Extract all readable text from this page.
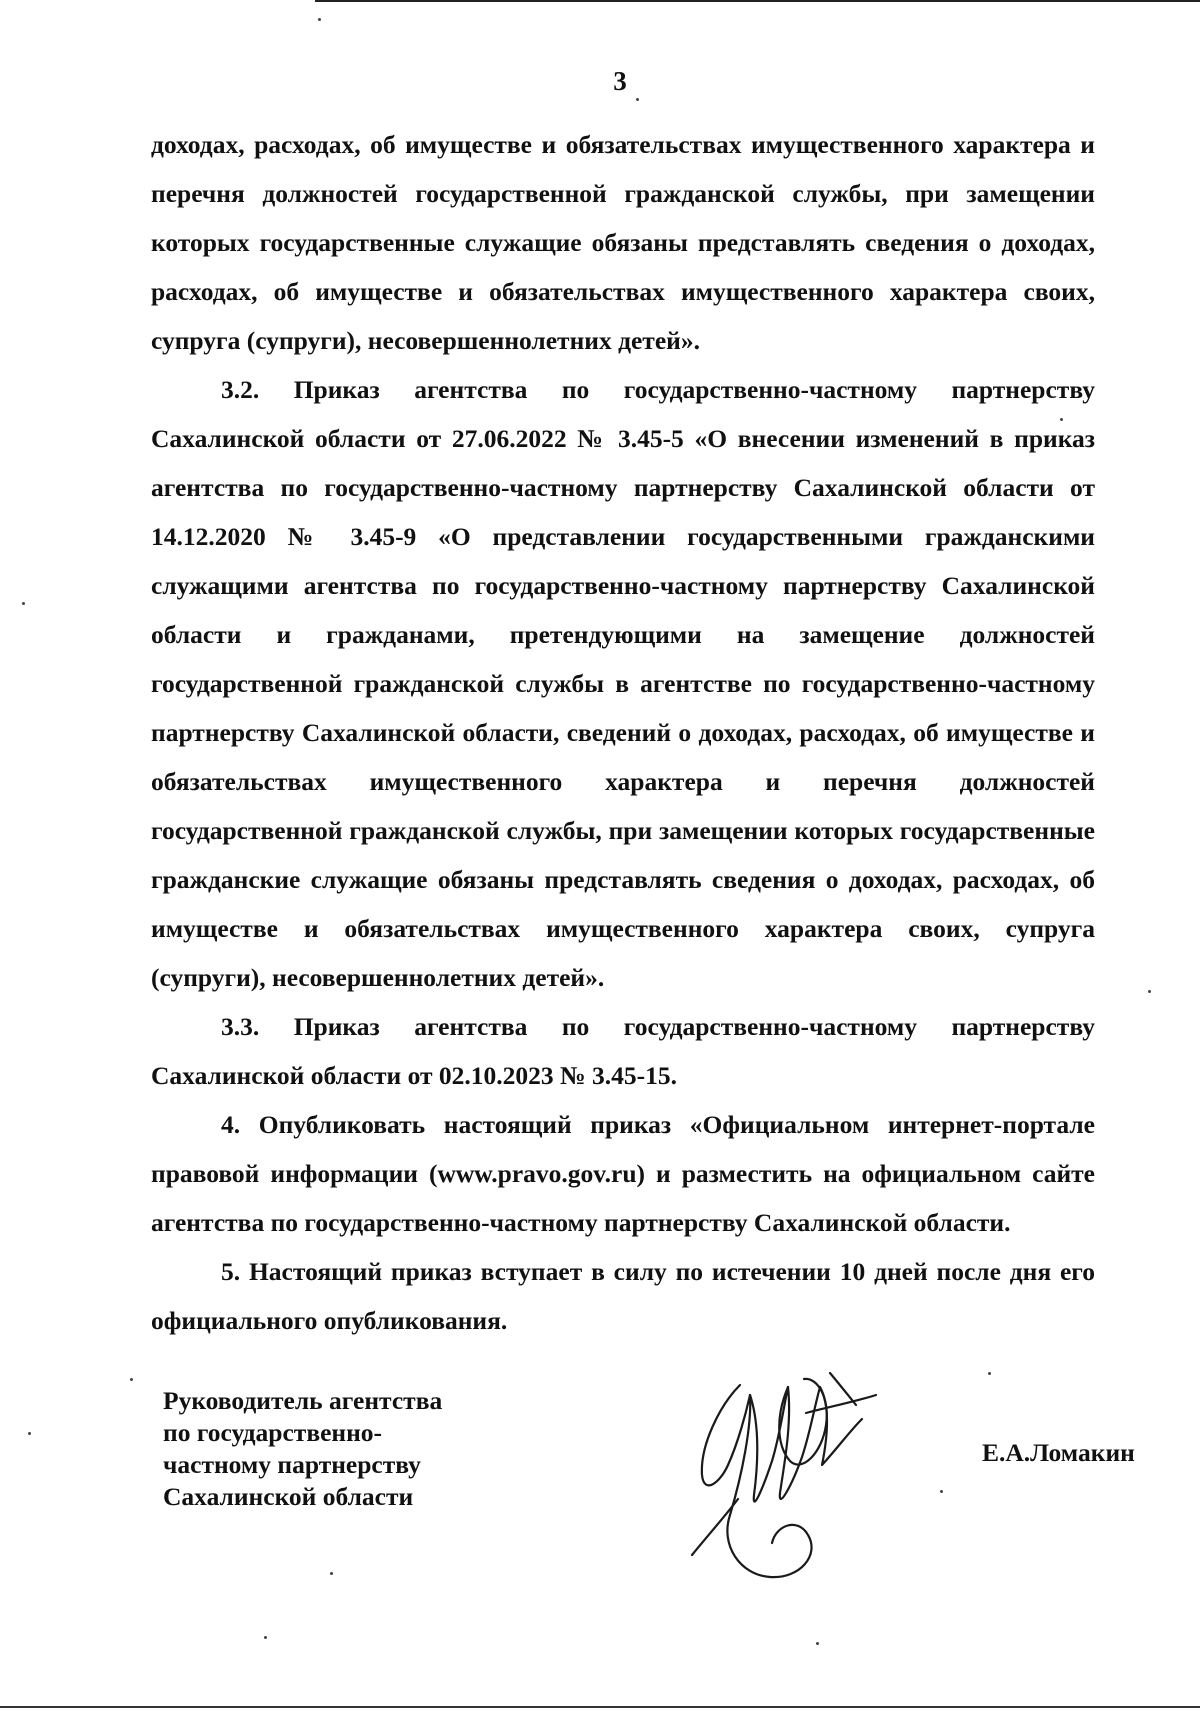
3

доходах, расходах, об имуществе и обязательствах имущественного характера и перечня должностей государственной гражданской службы, при замещении которых государственные служащие обязаны представлять сведения о доходах, расходах, об имуществе и обязательствах имущественного характера своих, супруга (супруги), несовершеннолетних детей».

3.2. Приказ агентства по государственно-частному партнерству Сахалинской области от 27.06.2022 № 3.45-5 «О внесении изменений в приказ агентства по государственно-частному партнерству Сахалинской области от 14.12.2020 № 3.45-9 «О представлении государственными гражданскими служащими агентства по государственно-частному партнерству Сахалинской области и гражданами, претендующими на замещение должностей государственной гражданской службы в агентстве по государственно-частному партнерству Сахалинской области, сведений о доходах, расходах, об имуществе и обязательствах имущественного характера и перечня должностей государственной гражданской службы, при замещении которых государственные гражданские служащие обязаны представлять сведения о доходах, расходах, об имуществе и обязательствах имущественного характера своих, супруга (супруги), несовершеннолетних детей».

3.3. Приказ агентства по государственно-частному партнерству Сахалинской области от 02.10.2023 № 3.45-15.

4. Опубликовать настоящий приказ «Официальном интернет-портале правовой информации (www.pravo.gov.ru) и разместить на официальном сайте агентства по государственно-частному партнерству Сахалинской области.

5. Настоящий приказ вступает в силу по истечении 10 дней после дня его официального опубликования.

Руководитель агентства
по государственно-
частному партнерству
Сахалинской области
Е.А.Ломакин
